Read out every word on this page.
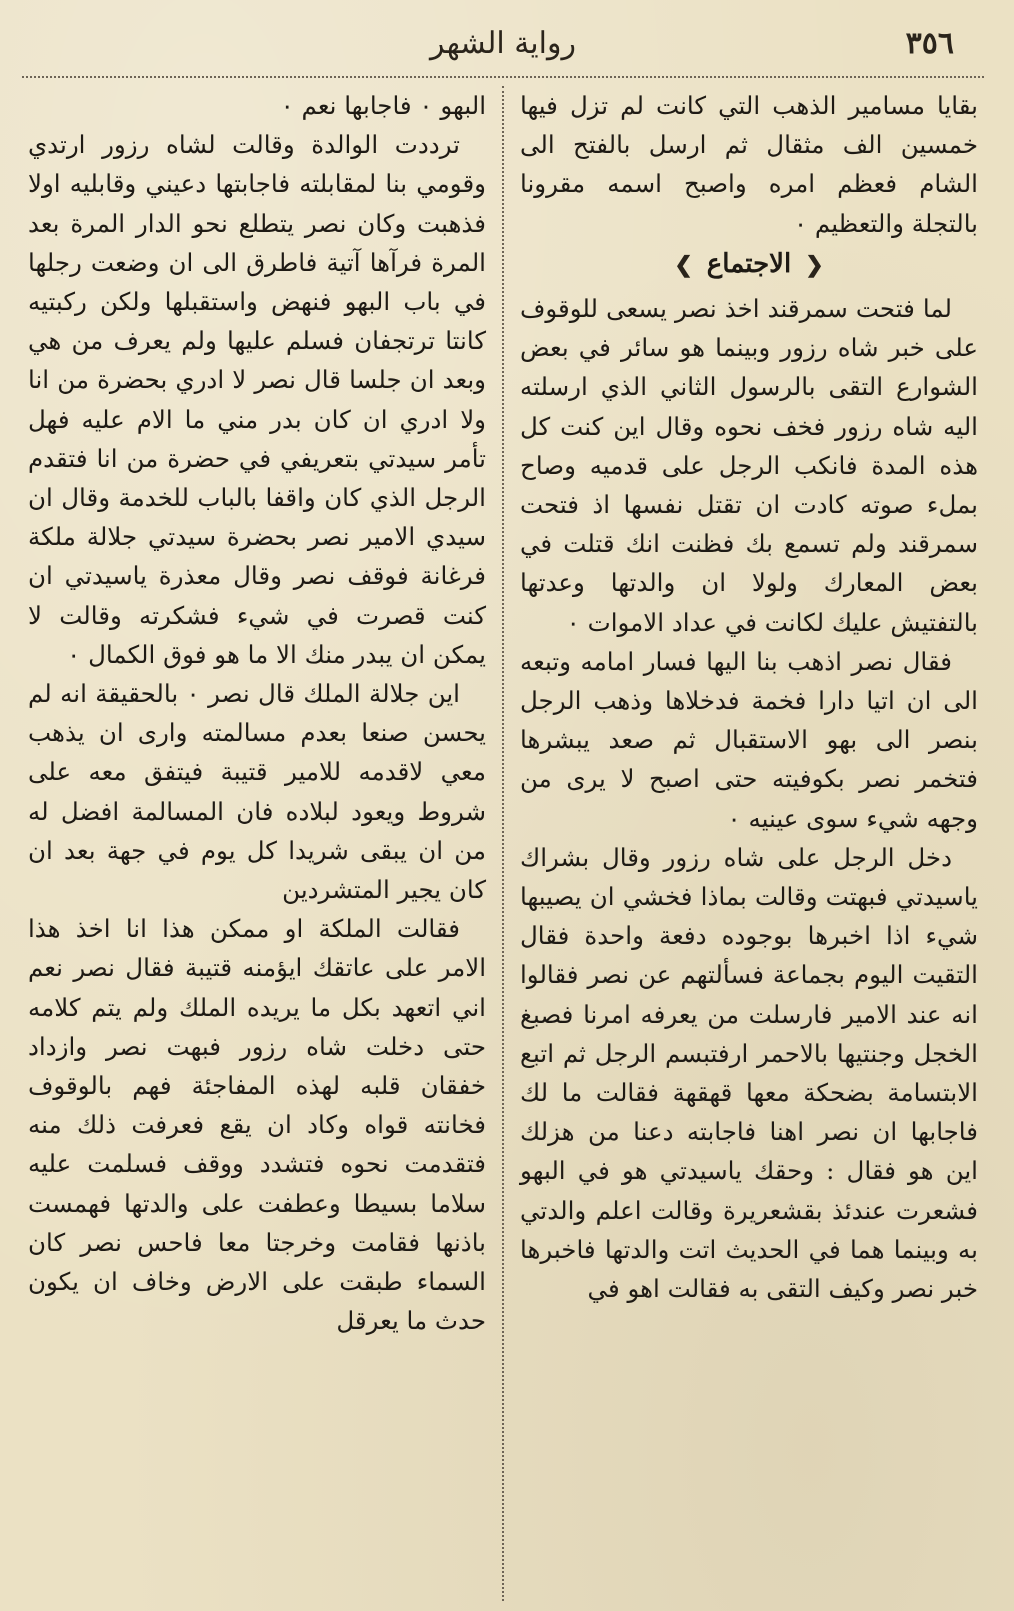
٣٥٦
رواية الشهر

بقايا مسامير الذهب التي كانت لم تزل فيها خمسين الف مثقال ثم ارسل بالفتح الى الشام فعظم امره واصبح اسمه مقرونا بالتجلة والتعظيم ٠

❮الاجتماع❯

لما فتحت سمرقند اخذ نصر يسعى للوقوف على خبر شاه رزور وبينما هو سائر في بعض الشوارع التقى بالرسول الثاني الذي ارسلته اليه شاه رزور فخف نحوه وقال اين كنت كل هذه المدة فانكب الرجل على قدميه وصاح بملء صوته كادت ان تقتل نفسها اذ فتحت سمرقند ولم تسمع بك فظنت انك قتلت في بعض المعارك ولولا ان والدتها وعدتها بالتفتيش عليك لكانت في عداد الاموات ٠

فقال نصر اذهب بنا اليها فسار امامه وتبعه الى ان اتيا دارا فخمة فدخلاها وذهب الرجل بنصر الى بهو الاستقبال ثم صعد يبشرها فتخمر نصر بكوفيته حتى اصبح لا يرى من وجهه شيء سوى عينيه ٠

دخل الرجل على شاه رزور وقال بشراك ياسيدتي فبهتت وقالت بماذا فخشي ان يصيبها شيء اذا اخبرها بوجوده دفعة واحدة فقال التقيت اليوم بجماعة فسألتهم عن نصر فقالوا انه عند الامير فارسلت من يعرفه امرنا فصبغ الخجل وجنتيها بالاحمر ارفتبسم الرجل ثم اتبع الابتسامة بضحكة معها قهقهة فقالت ما لك فاجابها ان نصر اهنا فاجابته دعنا من هزلك اين هو فقال : وحقك ياسيدتي هو في البهو فشعرت عندئذ بقشعريرة وقالت اعلم والدتي به وبينما هما في الحديث اتت والدتها فاخبرها خبر نصر وكيف التقى به فقالت اهو في

البهو ٠ فاجابها نعم ٠

ترددت الوالدة وقالت لشاه رزور ارتدي وقومي بنا لمقابلته فاجابتها دعيني وقابليه اولا فذهبت وكان نصر يتطلع نحو الدار المرة بعد المرة فرآها آتية فاطرق الى ان وضعت رجلها في باب البهو فنهض واستقبلها ولكن ركبتيه كانتا ترتجفان فسلم عليها ولم يعرف من هي وبعد ان جلسا قال نصر لا ادري بحضرة من انا ولا ادري ان كان بدر مني ما الام عليه فهل تأمر سيدتي بتعريفي في حضرة من انا فتقدم الرجل الذي كان واقفا بالباب للخدمة وقال ان سيدي الامير نصر بحضرة سيدتي جلالة ملكة فرغانة فوقف نصر وقال معذرة ياسيدتي ان كنت قصرت في شيء فشكرته وقالت لا يمكن ان يبدر منك الا ما هو فوق الكمال ٠

اين جلالة الملك قال نصر ٠ بالحقيقة انه لم يحسن صنعا بعدم مسالمته وارى ان يذهب معي لاقدمه للامير قتيبة فيتفق معه على شروط ويعود لبلاده فان المسالمة افضل له من ان يبقى شريدا كل يوم في جهة بعد ان كان يجير المتشردين

فقالت الملكة او ممكن هذا انا اخذ هذا الامر على عاتقك ايؤمنه قتيبة فقال نصر نعم اني اتعهد بكل ما يريده الملك ولم يتم كلامه حتى دخلت شاه رزور فبهت نصر وازداد خفقان قلبه لهذه المفاجئة فهم بالوقوف فخانته قواه وكاد ان يقع فعرفت ذلك منه فتقدمت نحوه فتشدد ووقف فسلمت عليه سلاما بسيطا وعطفت على والدتها فهمست باذنها فقامت وخرجتا معا فاحس نصر كان السماء طبقت على الارض وخاف ان يكون حدث ما يعرقل
